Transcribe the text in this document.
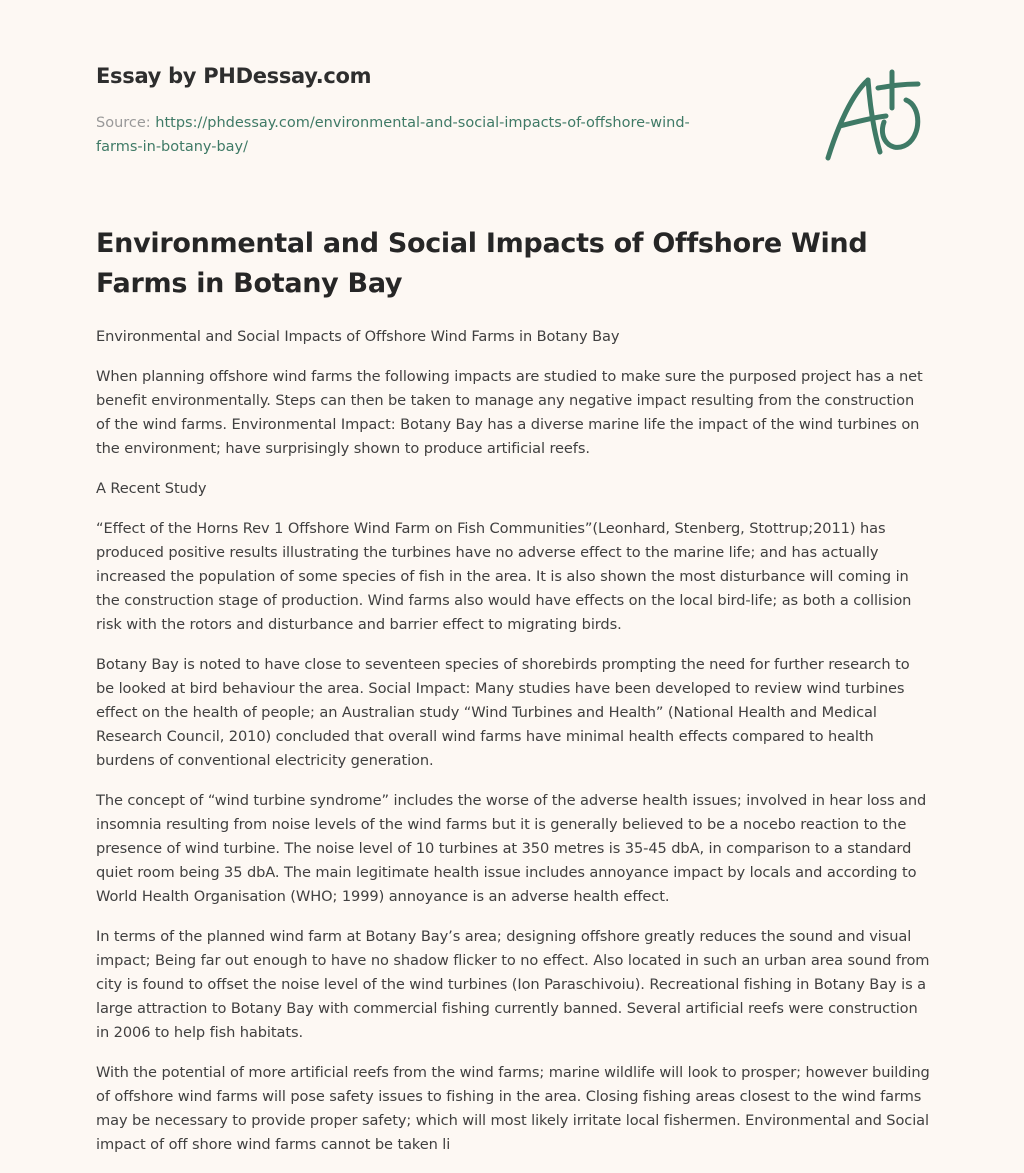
Essay by PHDessay.com
Source: https://phdessay.com/environmental-and-social-impacts-of-offshore-wind-farms-in-botany-bay/
Environmental and Social Impacts of Offshore Wind Farms in Botany Bay

Environmental and Social Impacts of Offshore Wind Farms in Botany Bay

When planning offshore wind farms the following impacts are studied to make sure the purposed project has a net benefit environmentally. Steps can then be taken to manage any negative impact resulting from the construction of the wind farms. Environmental Impact: Botany Bay has a diverse marine life the impact of the wind turbines on the environment; have surprisingly shown to produce artificial reefs.

A Recent Study

“Effect of the Horns Rev 1 Offshore Wind Farm on Fish Communities”(Leonhard, Stenberg, Stottrup;2011) has produced positive results illustrating the turbines have no adverse effect to the marine life; and has actually increased the population of some species of fish in the area. It is also shown the most disturbance will coming in the construction stage of production. Wind farms also would have effects on the local bird-life; as both a collision risk with the rotors and disturbance and barrier effect to migrating birds.

Botany Bay is noted to have close to seventeen species of shorebirds prompting the need for further research to be looked at bird behaviour the area. Social Impact: Many studies have been developed to review wind turbines effect on the health of people; an Australian study “Wind Turbines and Health” (National Health and Medical Research Council, 2010) concluded that overall wind farms have minimal health effects compared to health burdens of conventional electricity generation.

The concept of “wind turbine syndrome” includes the worse of the adverse health issues; involved in hear loss and insomnia resulting from noise levels of the wind farms but it is generally believed to be a nocebo reaction to the presence of wind turbine. The noise level of 10 turbines at 350 metres is 35-45 dbA, in comparison to a standard quiet room being 35 dbA. The main legitimate health issue includes annoyance impact by locals and according to World Health Organisation (WHO; 1999) annoyance is an adverse health effect.

In terms of the planned wind farm at Botany Bay’s area; designing offshore greatly reduces the sound and visual impact; Being far out enough to have no shadow flicker to no effect. Also located in such an urban area sound from city is found to offset the noise level of the wind turbines (Ion Paraschivoiu). Recreational fishing in Botany Bay is a large attraction to Botany Bay with commercial fishing currently banned. Several artificial reefs were construction in 2006 to help fish habitats.

With the potential of more artificial reefs from the wind farms; marine wildlife will look to prosper; however building of offshore wind farms will pose safety issues to fishing in the area. Closing fishing areas closest to the wind farms may be necessary to provide proper safety; which will most likely irritate local fishermen. Environmental and Social impact of off shore wind farms cannot be taken li
